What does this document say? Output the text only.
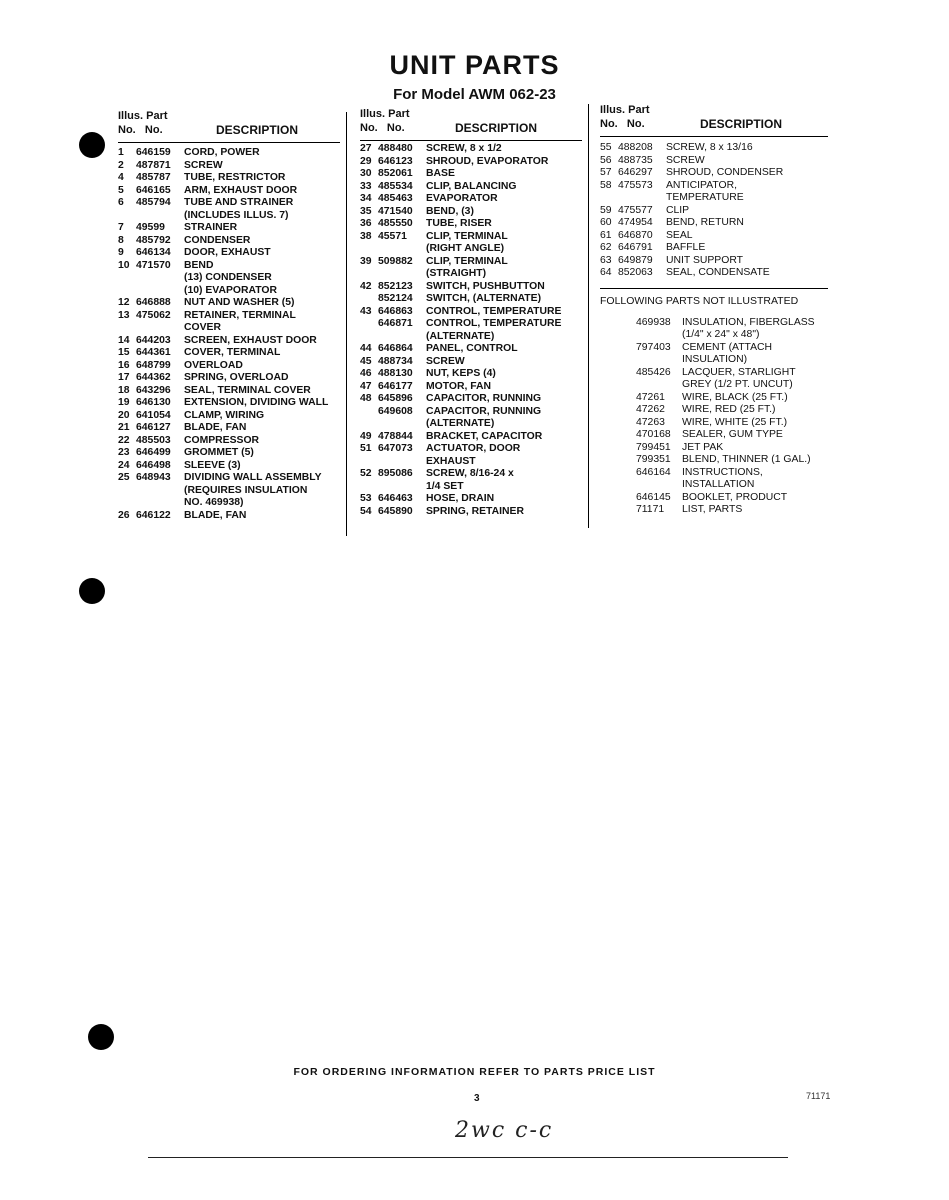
UNIT PARTS
For Model AWM 062-23
Illus. Part
No. No.	DESCRIPTION
1	646159	CORD, POWER
2	487871	SCREW
4	485787	TUBE, RESTRICTOR
5	646165	ARM, EXHAUST DOOR
6	485794	TUBE AND STRAINER
(INCLUDES ILLUS. 7)
7	49599	STRAINER
8	485792	CONDENSER
9	646134	DOOR, EXHAUST
10 471570	BEND
(13) CONDENSER
(10) EVAPORATOR
12 646888	NUT AND WASHER (5)
13 475062	RETAINER, TERMINAL
COVER
14 644203	SCREEN, EXHAUST DOOR
15 644361	COVER, TERMINAL
16 648799	OVERLOAD
17 644362	SPRING, OVERLOAD
18 643296	SEAL, TERMINAL COVER
19 646130	EXTENSION, DIVIDING WALL
20 641054	CLAMP, WIRING
21 646127	BLADE, FAN
22 485503	COMPRESSOR
23 646499	GROMMET (5)
24 646498	SLEEVE (3)
25 648943	DIVIDING WALL ASSEMBLY
(REQUIRES INSULATION
NO. 469938)
26 646122	BLADE, FAN
Illus. Part
No. No.	DESCRIPTION
27 488480	SCREW, 8 x 1/2
29 646123	SHROUD, EVAPORATOR
30 852061	BASE
33 485534	CLIP, BALANCING
34 485463	EVAPORATOR
35 471540	BEND, (3)
36 485550	TUBE, RISER
38 45571	CLIP, TERMINAL
(RIGHT ANGLE)
39 509882	CLIP, TERMINAL
(STRAIGHT)
42 852123	SWITCH, PUSHBUTTON
852124	SWITCH, (ALTERNATE)
43 646863	CONTROL, TEMPERATURE
646871	CONTROL, TEMPERATURE
(ALTERNATE)
44 646864	PANEL, CONTROL
45 488734	SCREW
46 488130	NUT, KEPS (4)
47 646177	MOTOR, FAN
48 645896	CAPACITOR, RUNNING
649608	CAPACITOR, RUNNING
(ALTERNATE)
49 478844	BRACKET, CAPACITOR
51 647073	ACTUATOR, DOOR
EXHAUST
52 895086	SCREW, 8/16-24 x
1/4 SET
53 646463	HOSE, DRAIN
54 645890	SPRING, RETAINER
Illus. Part
No. No.	DESCRIPTION
55 488208	SCREW, 8 x 13/16
56 488735	SCREW
57 646297	SHROUD, CONDENSER
58 475573	ANTICIPATOR,
TEMPERATURE
59 475577	CLIP
60 474954	BEND, RETURN
61 646870	SEAL
62 646791	BAFFLE
63 649879	UNIT SUPPORT
64 852063	SEAL, CONDENSATE
FOLLOWING PARTS NOT ILLUSTRATED
469938	INSULATION, FIBERGLASS
(1/4" x 24" x 48")
797403	CEMENT (ATTACH
INSULATION)
485426	LACQUER, STARLIGHT
GREY (1/2 PT. UNCUT)
47261	WIRE, BLACK (25 FT.)
47262	WIRE, RED (25 FT.)
47263	WIRE, WHITE (25 FT.)
470168	SEALER, GUM TYPE
799451	JET PAK
799351	BLEND, THINNER (1 GAL.)
646164	INSTRUCTIONS,
INSTALLATION
646145	BOOKLET, PRODUCT
71171	LIST, PARTS
FOR ORDERING INFORMATION REFER TO PARTS PRICE LIST
3	71171
2wc c-c
